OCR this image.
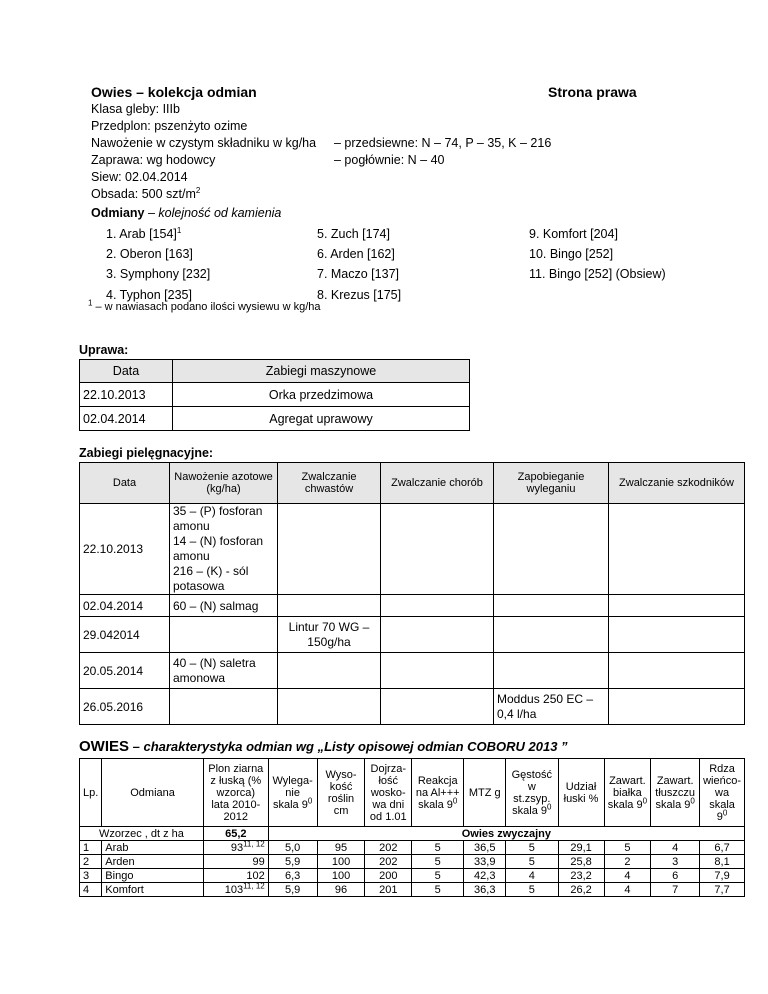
Owies – kolekcja odmian	Strona prawa
Klasa gleby: IIIb
Przedplon: pszenżyto ozime
Nawożenie w czystym składniku w kg/ha – przedsiewne: N – 74, P – 35, K – 216
– pogłównie: N – 40
Zaprawa: wg hodowcy
Siew: 02.04.2014
Obsada: 500 szt/$m^2$
Odmiany – kolejność od kamienia
1. Arab $[154]^1$	5. Zuch [174]	9. Komfort [204]
2. Oberon [163]	6. Arden [162]	10. Bingo [252]
3. Symphony [232]	7. Maczo [137]	11. Bingo [252] (Obsiew)
4. Typhon [235]	8. Krezus [175]
$^1$ – w nawiasach podano ilości wysiewu w kg/ha
Uprawa:
Data	Zabiegi maszynowe
22.10.2013	Orka przedzimowa
02.04.2014	Agregat uprawowy
Zabiegi pielęgnacyjne:
Data	Nawożenie azotowe (kg/ha)	Zwalczanie chwastów	Zwalczanie chorób	Zapobieganie wyleganiu	Zwalczanie szkodników
22.10.2013	35 – (P) fosforan amonu
14 – (N) fosforan amonu
216 – (K) - sól potasowa				

02.04.2014	60 – (N) salmag				
29.042014		Lintur 70 WG – 150g/ha			
20.05.2014	40 – (N) saletra amonowa				
26.05.2016				Moddus 250 EC – 0,4 l/ha	
OWIES – charakterystyka odmian wg „Listy opisowej odmian COBORU 2013 ”
Lp.	Odmiana	Plon ziarna z łuską (% wzorca) lata 2010-2012	Wylega-nie skala $9^0$	Wyso-kość roślin cm	Dojrza-łość wosko-wa dni od 1.01	Reakcja na Al+++ skala $9^0$	MTZ g	Gęstość w st.zsyp. skala $9^0$	Udział łuski %	Zawart. białka skala $9^0$	Zawart. tłuszczu skala $9^0$	Rdza wieńco-wa skala $9^0$
Wzorzec , dt z ha		65,2	Owies zwyczajny									
1	Arab	93$^{11, 12}$	5,0	95	202	5	36,5	5	29,1	5	4	6,7
2	Arden	99	5,9	100	202	5	33,9	5	25,8	2	3	8,1
3	Bingo	102	6,3	100	200	5	42,3	4	23,2	4	6	7,9
4	Komfort	103$^{11, 12}$	5,9	96	201	5	36,3	5	26,2	4	7	7,7
